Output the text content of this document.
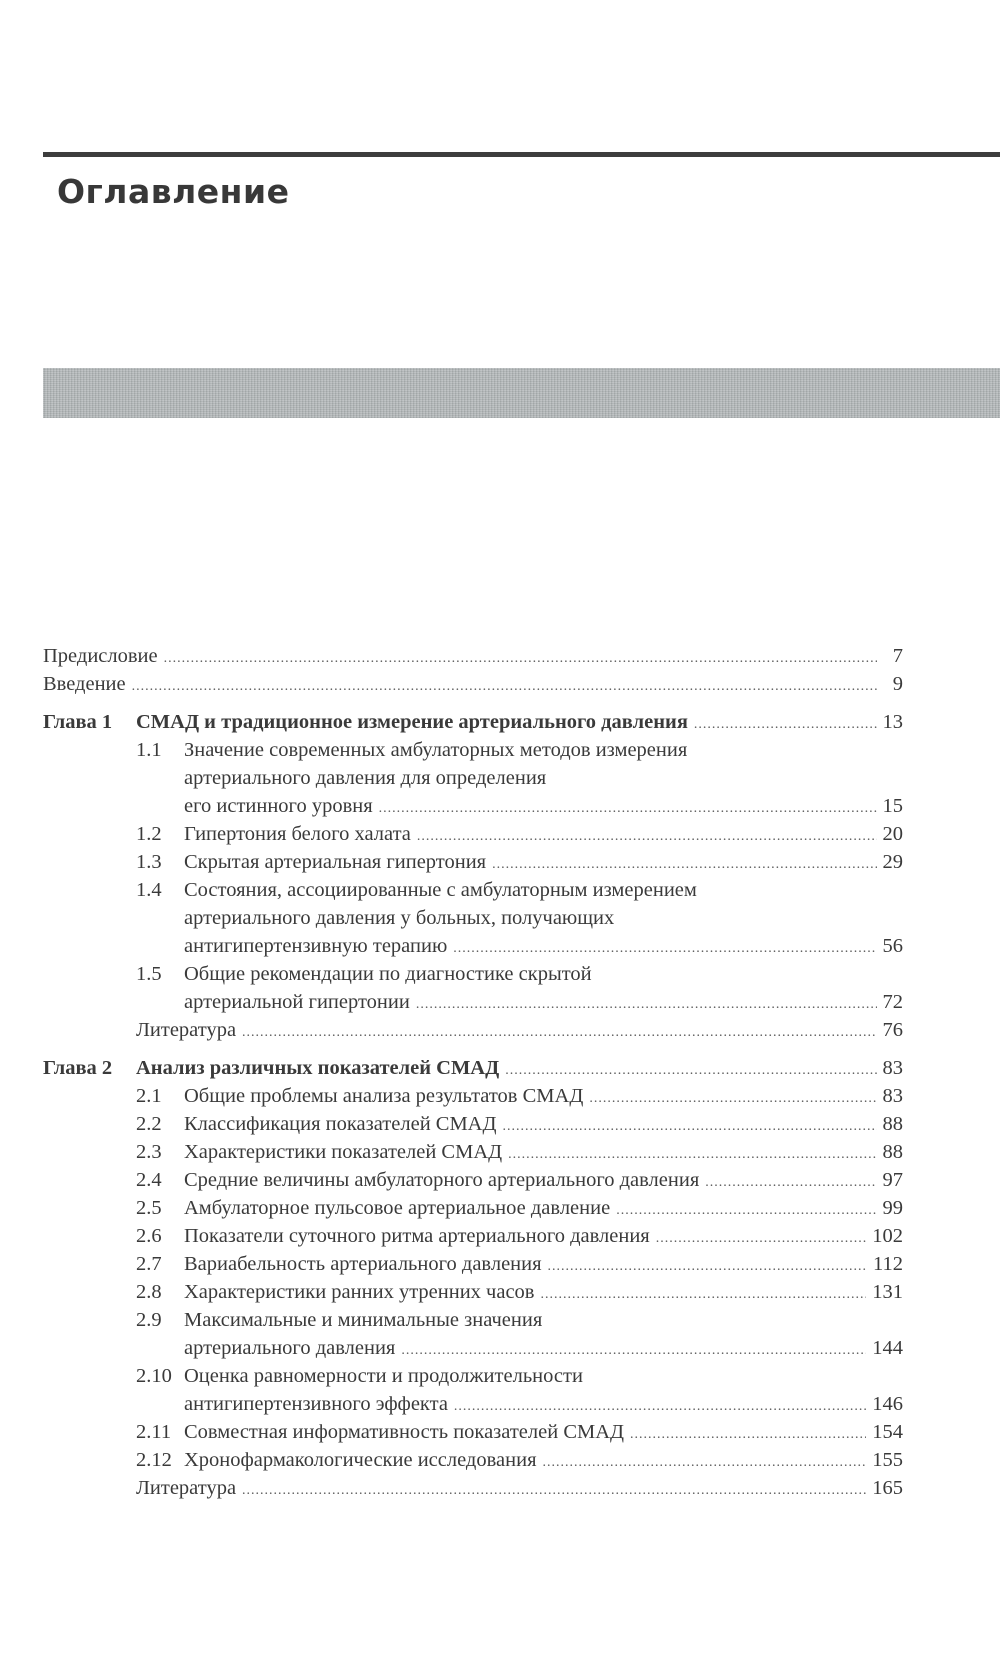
Оглавление
Предисловие .....	7
Введение .....	9
Глава 1	СМАД и традиционное измерение артериального давления .....	13
1.1	Значение современных амбулаторных методов измерения
артериального давления для определения
его истинного уровня .....	15
1.2	Гипертония белого халата .....	20
1.3	Скрытая артериальная гипертония .....	29
1.4	Состояния, ассоциированные с амбулаторным измерением
артериального давления у больных, получающих
антигипертензивную терапию .....	56
1.5	Общие рекомендации по диагностике скрытой
артериальной гипертонии .....	72
Литература .....	76
Глава 2	Анализ различных показателей СМАД .....	83
2.1	Общие проблемы анализа результатов СМАД .....	83
2.2	Классификация показателей СМАД .....	88
2.3	Характеристики показателей СМАД .....	88
2.4	Средние величины амбулаторного артериального давления .....	97
2.5	Амбулаторное пульсовое артериальное давление .....	99
2.6	Показатели суточного ритма артериального давления .....	102
2.7	Вариабельность артериального давления .....	112
2.8	Характеристики ранних утренних часов .....	131
2.9	Максимальные и минимальные значения
артериального давления .....	144
2.10 Оценка равномерности и продолжительности
антигипертензивного эффекта .....	146
2.11 Совместная информативность показателей СМАД .....	154
2.12 Хронофармакологические исследования .....	155
Литература .....	165
